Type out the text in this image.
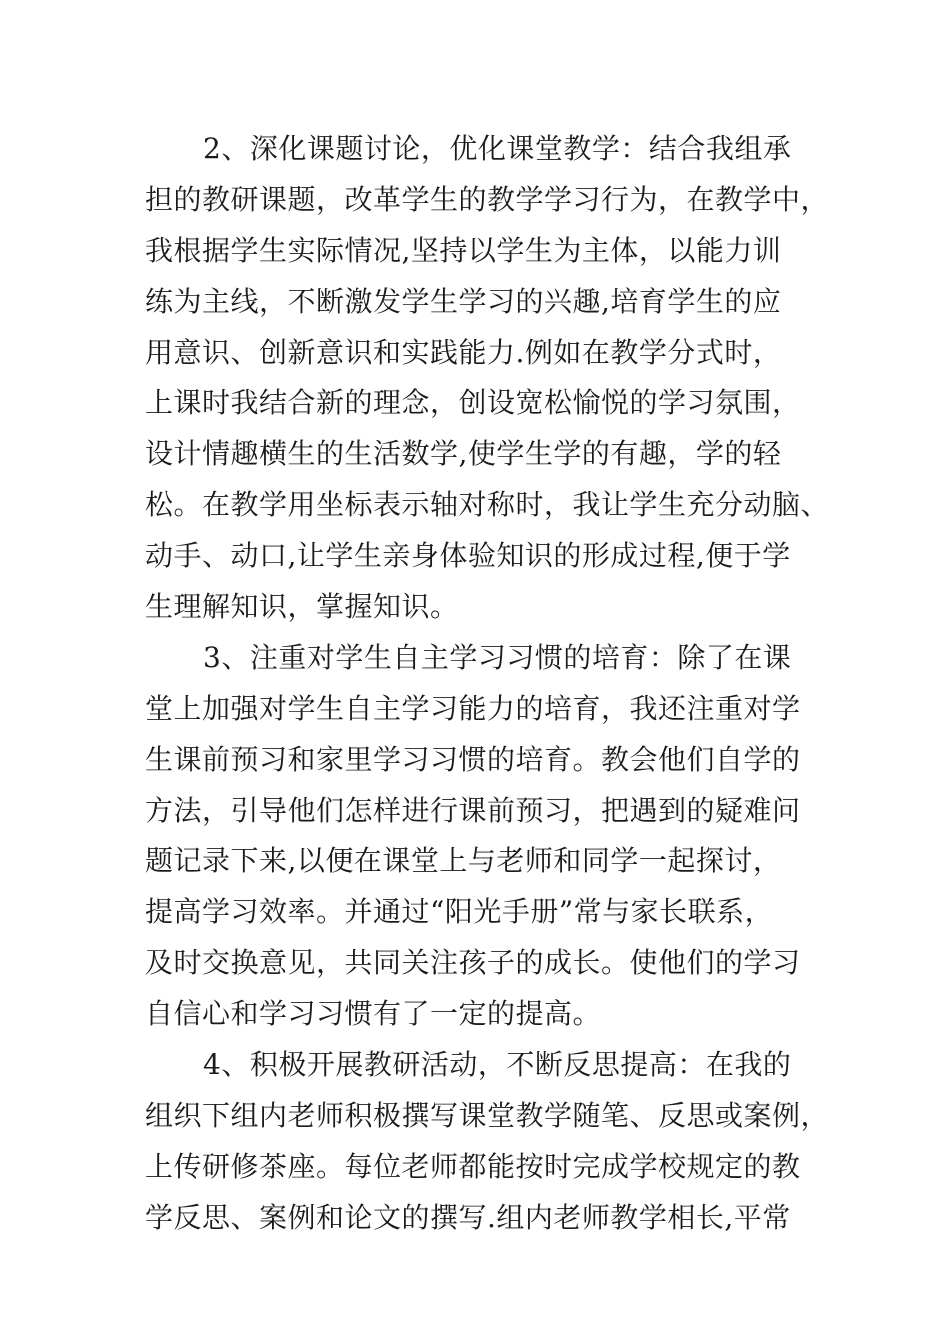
2、深化课题讨论，优化课堂教学：结合我组承
担的教研课题，改革学生的教学学习行为，在教学中，
我根据学生实际情况,坚持以学生为主体，以能力训
练为主线，不断激发学生学习的兴趣,培育学生的应
用意识、创新意识和实践能力.例如在教学分式时，
上课时我结合新的理念，创设宽松愉悦的学习氛围，
设计情趣横生的生活数学,使学生学的有趣，学的轻
松。在教学用坐标表示轴对称时，我让学生充分动脑、
动手、动口,让学生亲身体验知识的形成过程,便于学
生理解知识，掌握知识。
3、注重对学生自主学习习惯的培育：除了在课
堂上加强对学生自主学习能力的培育，我还注重对学
生课前预习和家里学习习惯的培育。教会他们自学的
方法，引导他们怎样进行课前预习，把遇到的疑难问
题记录下来,以便在课堂上与老师和同学一起探讨，
提高学习效率。并通过“阳光手册”常与家长联系，
及时交换意见，共同关注孩子的成长。使他们的学习
自信心和学习习惯有了一定的提高。
4、积极开展教研活动，不断反思提高：在我的
组织下组内老师积极撰写课堂教学随笔、反思或案例，
上传研修茶座。每位老师都能按时完成学校规定的教
学反思、案例和论文的撰写.组内老师教学相长,平常
